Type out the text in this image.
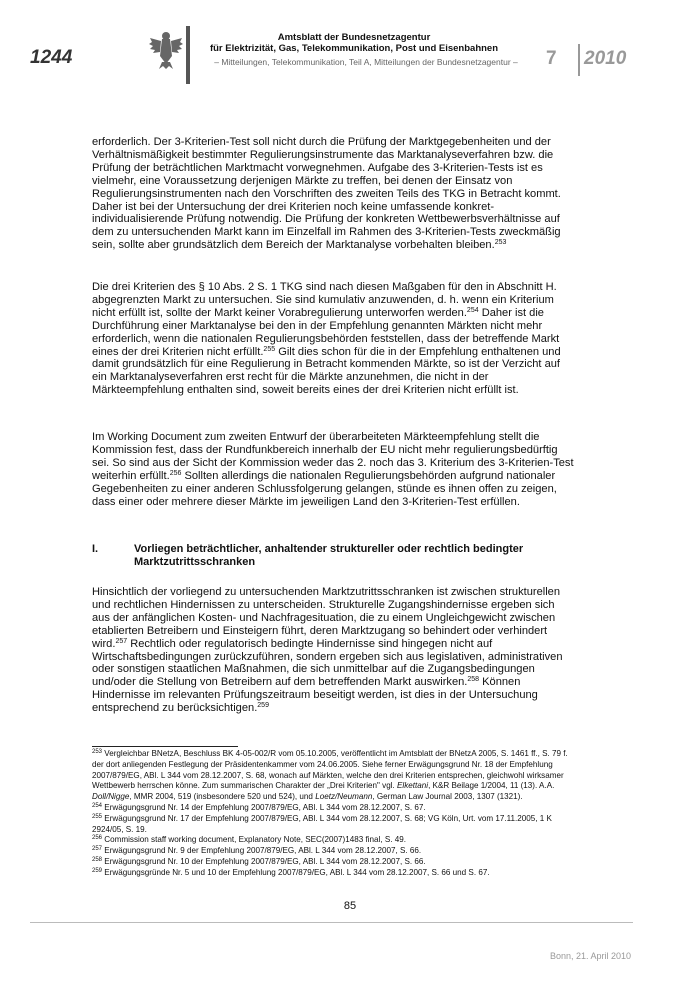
1244
Amtsblatt der Bundesnetzagentur
für Elektrizität, Gas, Telekommunikation, Post und Eisenbahnen
– Mitteilungen, Telekommunikation, Teil A, Mitteilungen der Bundesnetzagentur –	7 2010

erforderlich. Der 3-Kriterien-Test soll nicht durch die Prüfung der Marktgegebenheiten und der Verhältnismäßigkeit bestimmter Regulierungsinstrumente das Marktanalyseverfahren bzw. die Prüfung der beträchtlichen Marktmacht vorwegnehmen. Aufgabe des 3-Kriterien-Tests ist es vielmehr, eine Voraussetzung derjenigen Märkte zu treffen, bei denen der Einsatz von Regulierungsinstrumenten nach den Vorschriften des zweiten Teils des TKG in Betracht kommt. Daher ist bei der Untersuchung der drei Kriterien noch keine umfassende konkret-individualisierende Prüfung notwendig. Die Prüfung der konkreten Wettbewerbsverhältnisse auf dem zu untersuchenden Markt kann im Einzelfall im Rahmen des 3-Kriterien-Tests zweckmäßig sein, sollte aber grundsätzlich dem Bereich der Marktanalyse vorbehalten bleiben.$^{253}$

Die drei Kriterien des § 10 Abs. 2 S. 1 TKG sind nach diesen Maßgaben für den in Abschnitt H. abgegrenzten Markt zu untersuchen. Sie sind kumulativ anzuwenden, d. h. wenn ein Kriterium nicht erfüllt ist, sollte der Markt keiner Vorabregulierung unterworfen werden.$^{254}$ Daher ist die Durchführung einer Marktanalyse bei den in der Empfehlung genannten Märkten nicht mehr erforderlich, wenn die nationalen Regulierungsbehörden feststellen, dass der betreffende Markt eines der drei Kriterien nicht erfüllt.$^{255}$ Gilt dies schon für die in der Empfehlung enthaltenen und damit grundsätzlich für eine Regulierung in Betracht kommenden Märkte, so ist der Verzicht auf ein Marktanalyseverfahren erst recht für die Märkte anzunehmen, die nicht in der Märkteempfehlung enthalten sind, soweit bereits eines der drei Kriterien nicht erfüllt ist.

Im Working Document zum zweiten Entwurf der überarbeiteten Märkteempfehlung stellt die Kommission fest, dass der Rundfunkbereich innerhalb der EU nicht mehr regulierungsbedürftig sei. So sind aus der Sicht der Kommission weder das 2. noch das 3. Kriterium des 3-Kriterien-Test weiterhin erfüllt.$^{256}$ Sollten allerdings die nationalen Regulierungsbehörden aufgrund nationaler Gegebenheiten zu einer anderen Schlussfolgerung gelangen, stünde es ihnen offen zu zeigen, dass einer oder mehrere dieser Märkte im jeweiligen Land den 3-Kriterien-Test erfüllen.

I.	Vorliegen beträchtlicher, anhaltender struktureller oder rechtlich bedingter Marktzutrittsschranken

Hinsichtlich der vorliegend zu untersuchenden Marktzutrittsschranken ist zwischen strukturellen und rechtlichen Hindernissen zu unterscheiden. Strukturelle Zugangshindernisse ergeben sich aus der anfänglichen Kosten- und Nachfragesituation, die zu einem Ungleichgewicht zwischen etablierten Betreibern und Einsteigern führt, deren Marktzugang so behindert oder verhindert wird.$^{257}$ Rechtlich oder regulatorisch bedingte Hindernisse sind hingegen nicht auf Wirtschaftsbedingungen zurückzuführen, sondern ergeben sich aus legislativen, administrativen oder sonstigen staatlichen Maßnahmen, die sich unmittelbar auf die Zugangsbedingungen und/oder die Stellung von Betreibern auf dem betreffenden Markt auswirken.$^{258}$ Können Hindernisse im relevanten Prüfungszeitraum beseitigt werden, ist dies in der Untersuchung entsprechend zu berücksichtigen.$^{259}$

$^{253}$ Vergleichbar BNetzA, Beschluss BK 4-05-002/R vom 05.10.2005, veröffentlicht im Amtsblatt der BNetzA 2005, S. 1461 ff., S. 79 f. der dort anliegenden Festlegung der Präsidentenkammer vom 24.06.2005. Siehe ferner Erwägungsgrund Nr. 18 der Empfehlung 2007/879/EG, ABl. L 344 vom 28.12.2007, S. 68, wonach auf Märkten, welche den drei Kriterien entsprechen, gleichwohl wirksamer Wettbewerb herrschen könne. Zum summarischen Charakter der „Drei Kriterien" vgl. Elkettani, K&R Beilage 1/2004, 11 (13). A.A. Doll/Nigge, MMR 2004, 519 (insbesondere 520 und 524), und Loetz/Neumann, German Law Journal 2003, 1307 (1321).

$^{254}$ Erwägungsgrund Nr. 14 der Empfehlung 2007/879/EG, ABl. L 344 vom 28.12.2007, S. 67.

$^{255}$ Erwägungsgrund Nr. 17 der Empfehlung 2007/879/EG, ABl. L 344 vom 28.12.2007, S. 68; VG Köln, Urt. vom 17.11.2005, 1 K 2924/05, S. 19.

$^{256}$ Commission staff working document, Explanatory Note, SEC(2007)1483 final, S. 49.

$^{257}$ Erwägungsgrund Nr. 9 der Empfehlung 2007/879/EG, ABl. L 344 vom 28.12.2007, S. 66.

$^{258}$ Erwägungsgrund Nr. 10 der Empfehlung 2007/879/EG, ABl. L 344 vom 28.12.2007, S. 66.

$^{259}$ Erwägungsgründe Nr. 5 und 10 der Empfehlung 2007/879/EG, ABl. L 344 vom 28.12.2007, S. 66 und S. 67.

85
Bonn, 21. April 2010
